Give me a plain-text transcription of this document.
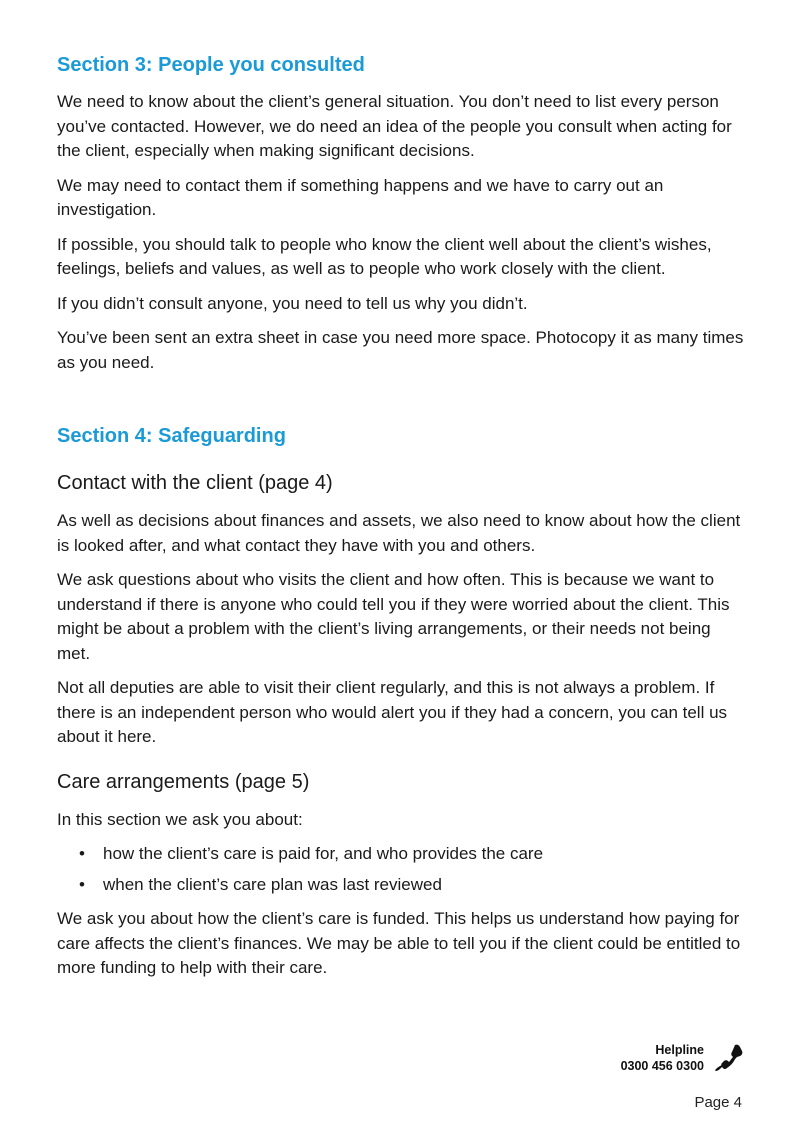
Section 3: People you consulted

We need to know about the client’s general situation. You don’t need to list every person you’ve contacted. However, we do need an idea of the people you consult when acting for the client, especially when making significant decisions.

We may need to contact them if something happens and we have to carry out an investigation.

If possible, you should talk to people who know the client well about the client’s wishes, feelings, beliefs and values, as well as to people who work closely with the client.

If you didn’t consult anyone, you need to tell us why you didn’t.

You’ve been sent an extra sheet in case you need more space. Photocopy it as many times as you need.

Section 4: Safeguarding
Contact with the client (page 4)

As well as decisions about finances and assets, we also need to know about how the client is looked after, and what contact they have with you and others.

We ask questions about who visits the client and how often. This is because we want to understand if there is anyone who could tell you if they were worried about the client. This might be about a problem with the client’s living arrangements, or their needs not being met.

Not all deputies are able to visit their client regularly, and this is not always a problem. If there is an independent person who would alert you if they had a concern, you can tell us about it here.

Care arrangements (page 5)

In this section we ask you about:

• how the client’s care is paid for, and who provides the care
• when the client’s care plan was last reviewed

We ask you about how the client’s care is funded. This helps us understand how paying for care affects the client’s finances. We may be able to tell you if the client could be entitled to more funding to help with their care.

Helpline
0300 456 0300
Page 4
